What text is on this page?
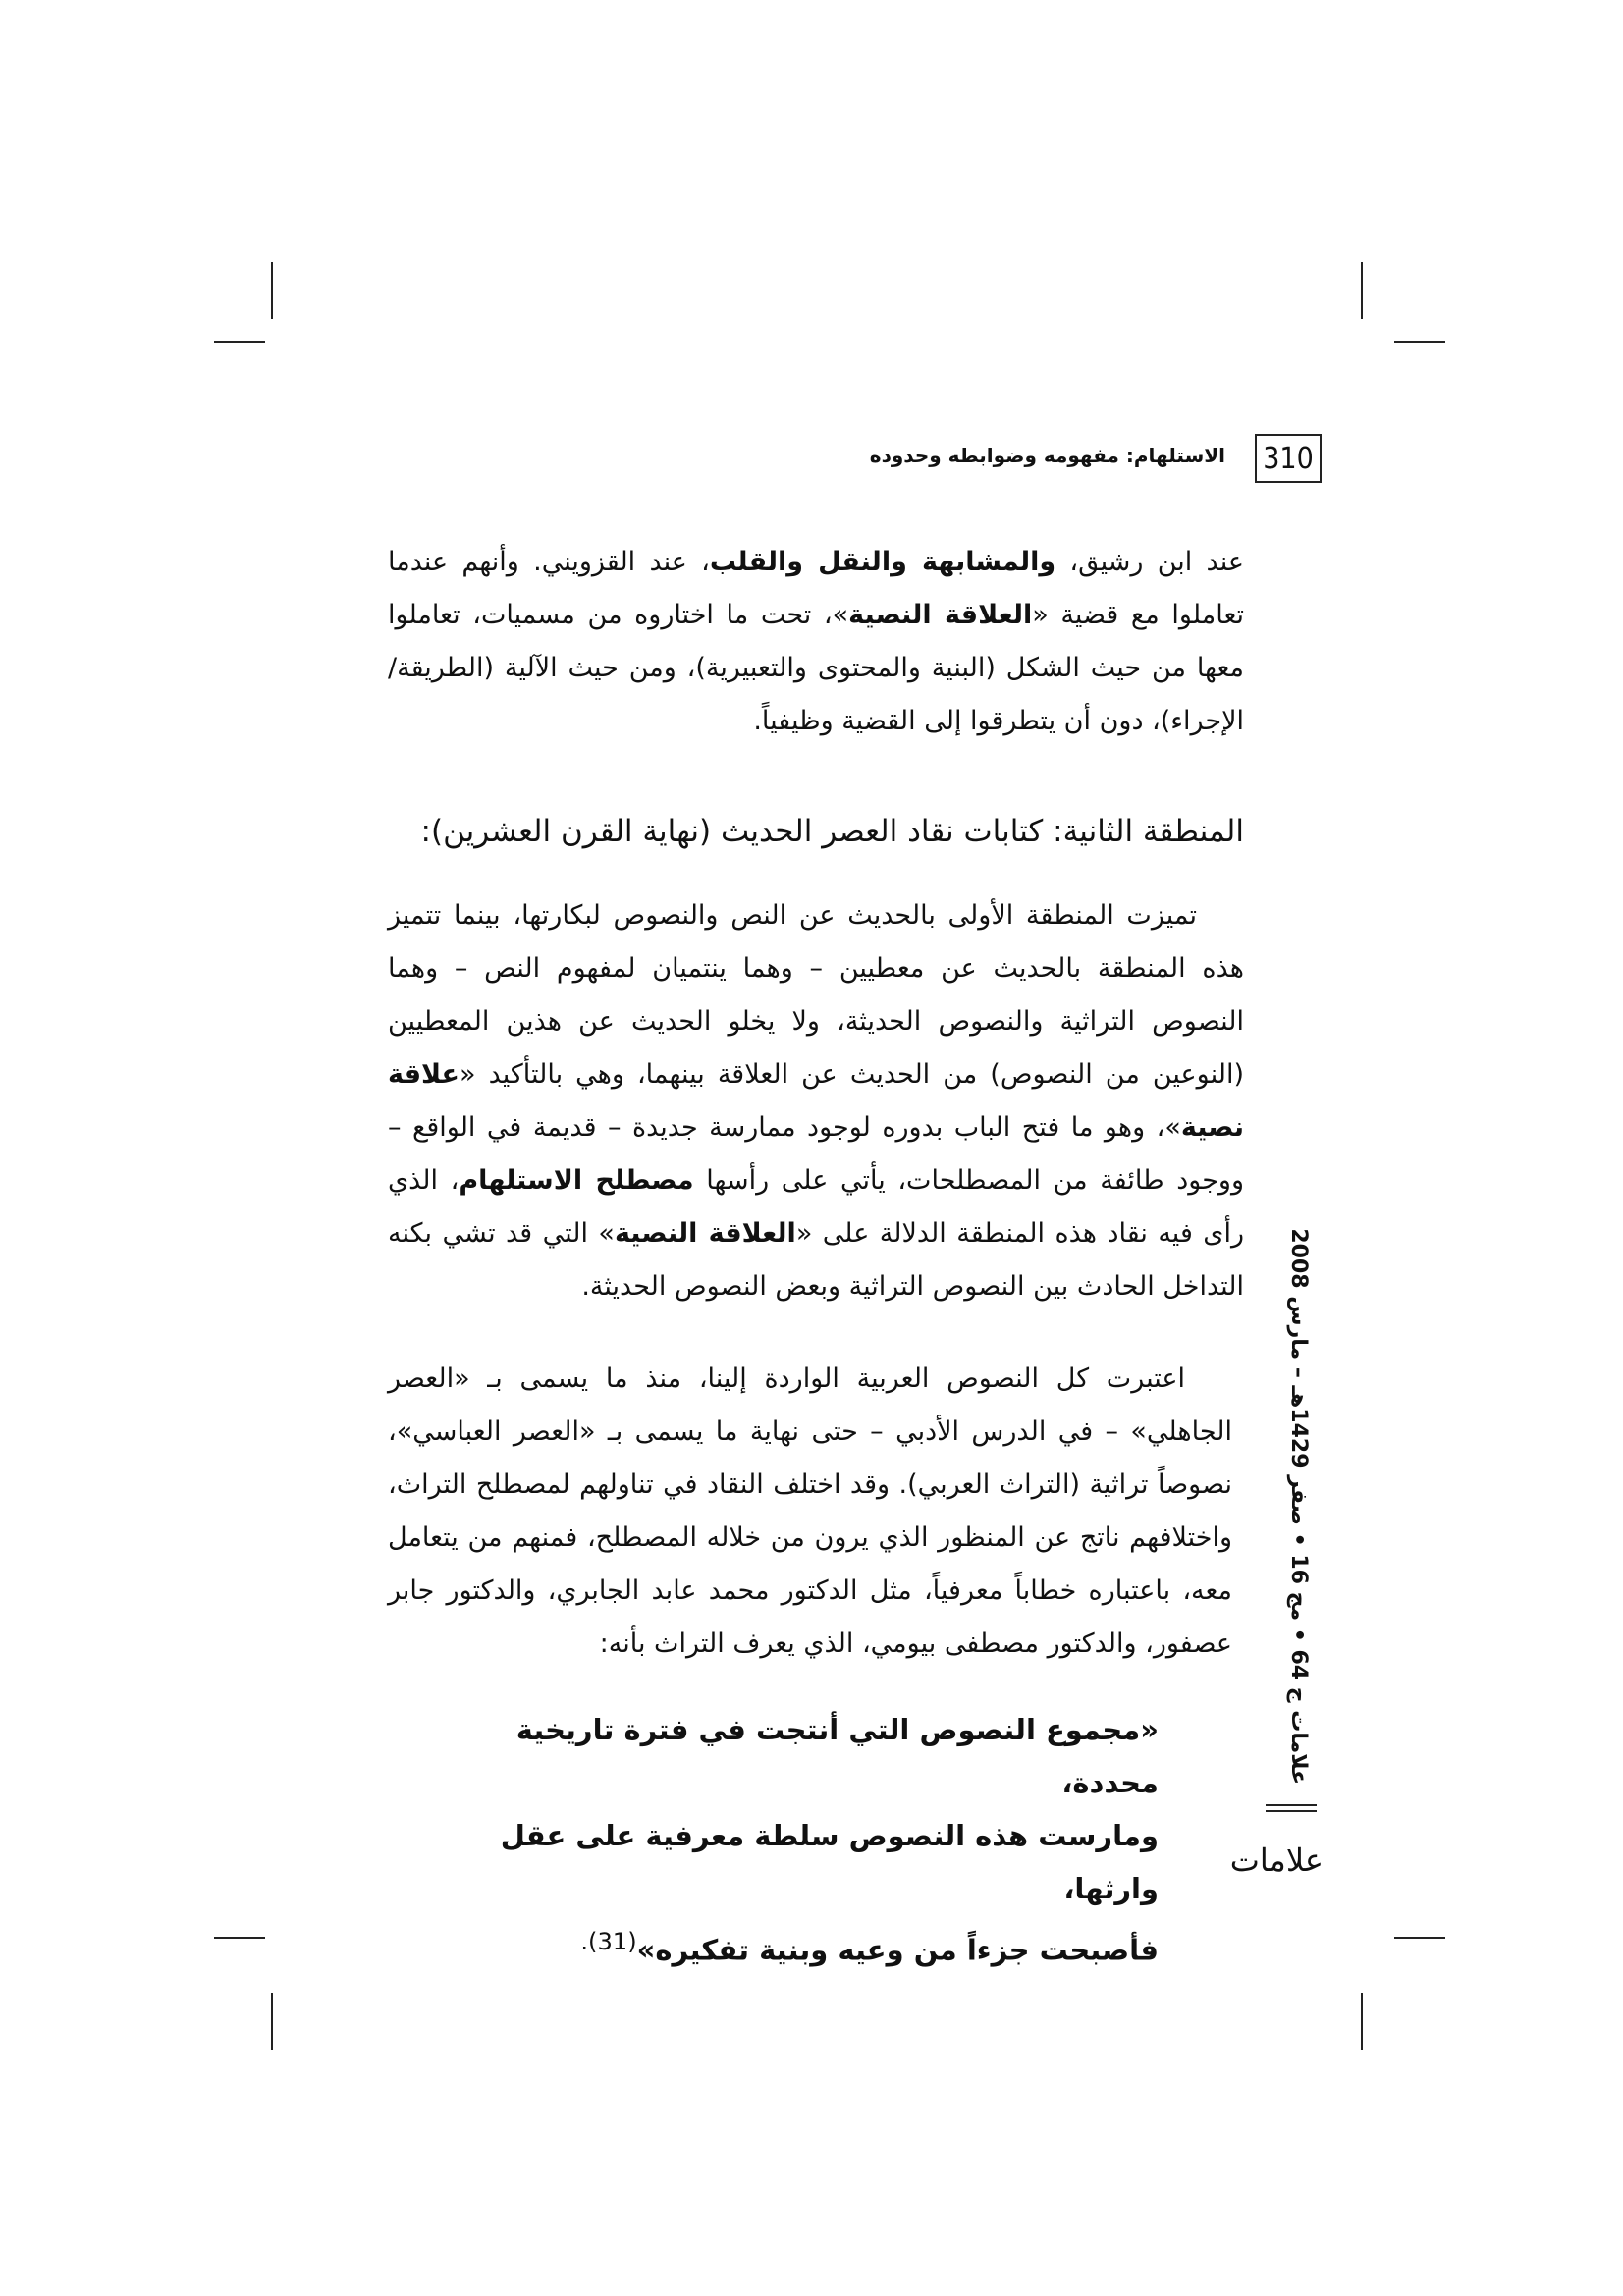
310
الاستلهام: مفهومه وضوابطه وحدوده

عند ابن رشيق، والمشابهة والنقل والقلب، عند القزويني. وأنهم عندما تعاملوا مع قضية «العلاقة النصية»، تحت ما اختاروه من مسميات، تعاملوا معها من حيث الشكل (البنية والمحتوى والتعبيرية)، ومن حيث الآلية (الطريقة/ الإجراء)، دون أن يتطرقوا إلى القضية وظيفياً.

المنطقة الثانية: كتابات نقاد العصر الحديث (نهاية القرن العشرين):

تميزت المنطقة الأولى بالحديث عن النص والنصوص لبكارتها، بينما تتميز هذه المنطقة بالحديث عن معطيين – وهما ينتميان لمفهوم النص – وهما النصوص التراثية والنصوص الحديثة، ولا يخلو الحديث عن هذين المعطيين (النوعين من النصوص) من الحديث عن العلاقة بينهما، وهي بالتأكيد «علاقة نصية»، وهو ما فتح الباب بدوره لوجود ممارسة جديدة – قديمة في الواقع – ووجود طائفة من المصطلحات، يأتي على رأسها مصطلح الاستلهام، الذي رأى فيه نقاد هذه المنطقة الدلالة على «العلاقة النصية» التي قد تشي بكنه التداخل الحادث بين النصوص التراثية وبعض النصوص الحديثة.

اعتبرت كل النصوص العربية الواردة إلينا، منذ ما يسمى بـ «العصر الجاهلي» – في الدرس الأدبي – حتى نهاية ما يسمى بـ «العصر العباسي»، نصوصاً تراثية (التراث العربي). وقد اختلف النقاد في تناولهم لمصطلح التراث، واختلافهم ناتج عن المنظور الذي يرون من خلاله المصطلح، فمنهم من يتعامل معه، باعتباره خطاباً معرفياً، مثل الدكتور محمد عابد الجابري، والدكتور جابر عصفور، والدكتور مصطفى بيومي، الذي يعرف التراث بأنه:

«مجموع النصوص التي أنتجت في فترة تاريخية محددة،
ومارست هذه النصوص سلطة معرفية على عقل وارثها،
فأصبحت جزءاً من وعيه وبنية تفكيره»$^{(31).}$
علامات ج 64 • مج 16 • صفر 1429هـ – مارس 2008
علامات
